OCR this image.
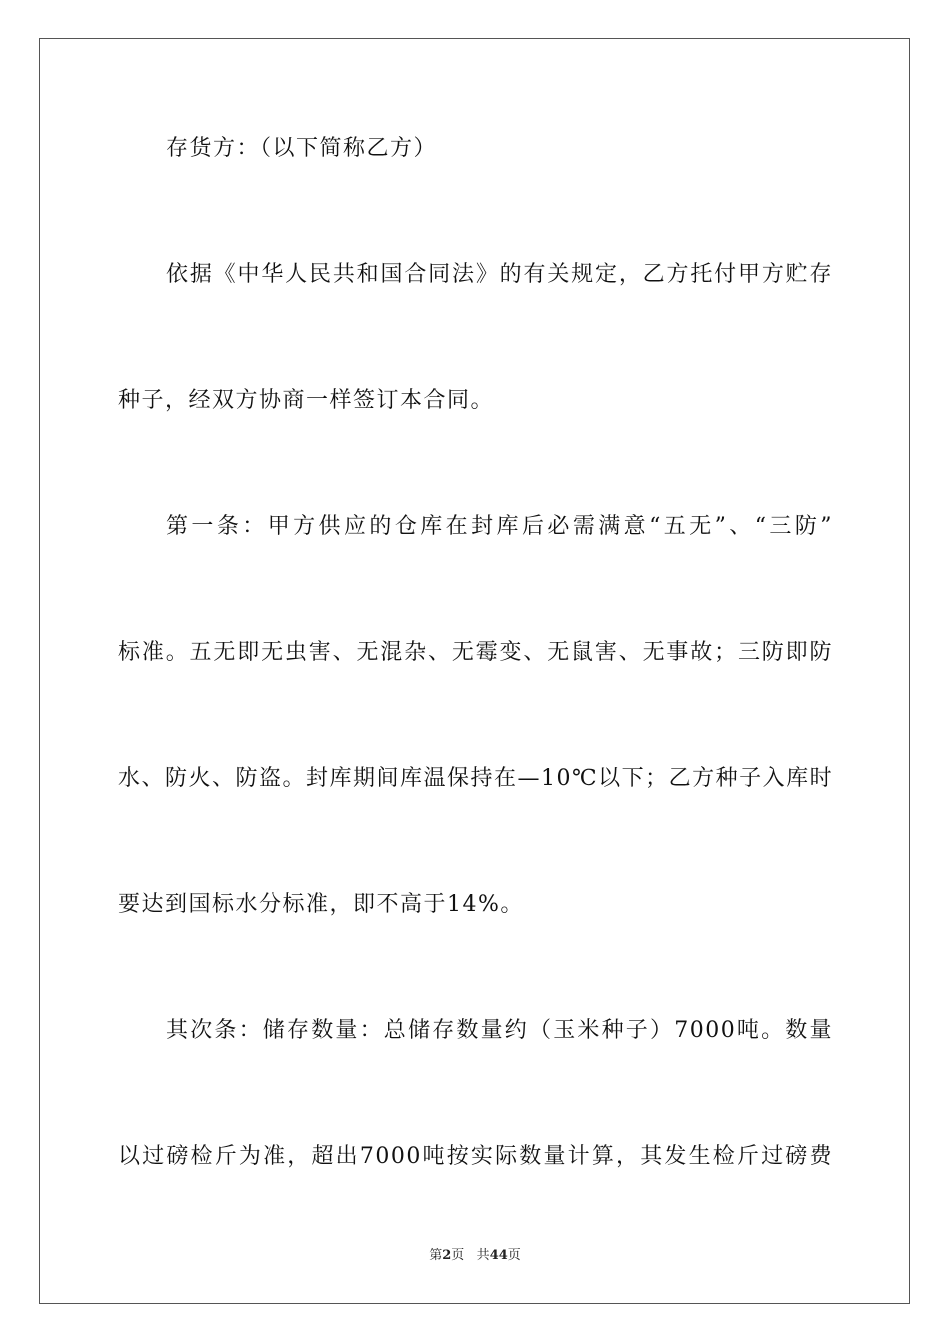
存货方：（以下简称乙方）
依据《中华人民共和国合同法》的有关规定，乙方托付甲方贮存
种子，经双方协商一样签订本合同。
第一条：甲方供应的仓库在封库后必需满意“五无”、“三防”
标准。五无即无虫害、无混杂、无霉变、无鼠害、无事故；三防即防
水、防火、防盗。封库期间库温保持在—10℃以下；乙方种子入库时
要达到国标水分标准，即不高于14%。
其次条：储存数量：总储存数量约（玉米种子）7000吨。数量
以过磅检斤为准，超出7000吨按实际数量计算，其发生检斤过磅费
第2页 共44页
